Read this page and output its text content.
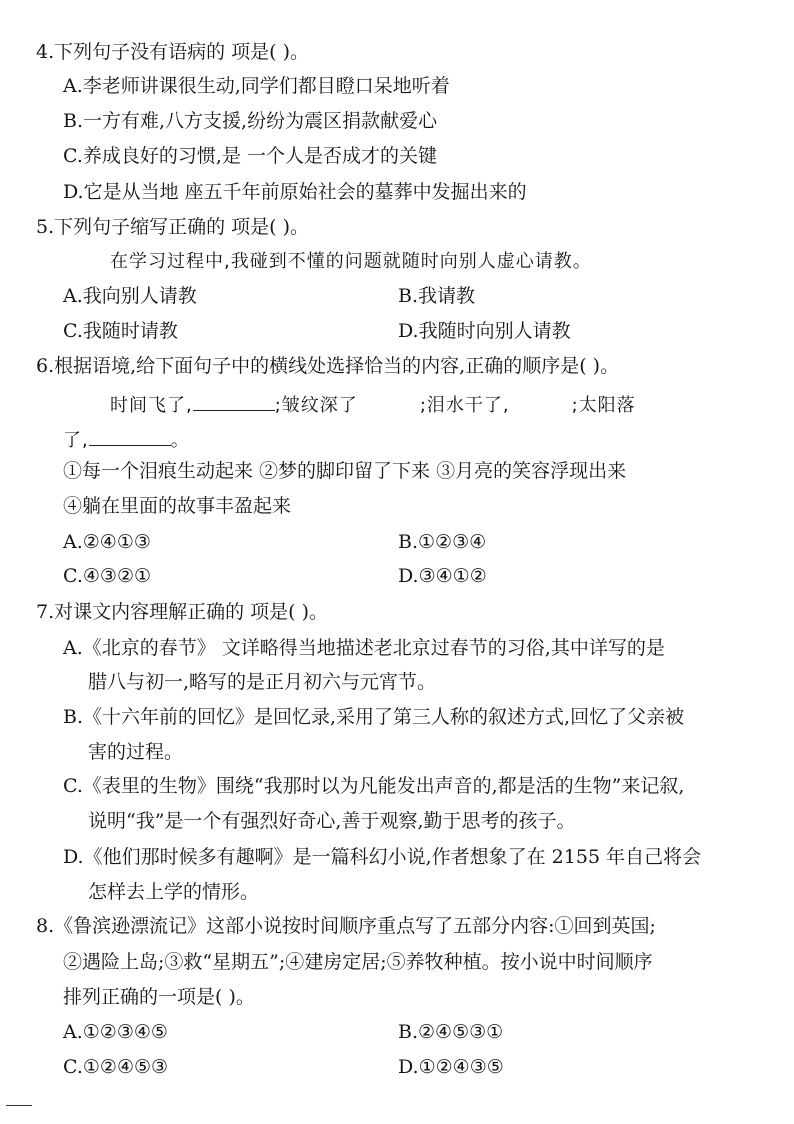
4.下列句子没有语病的 项是( )。
A.李老师讲课很生动,同学们都目瞪口呆地听着
B.一方有难,八方支援,纷纷为震区捐款献爱心
C.养成良好的习惯,是 一个人是否成才的关键
D.它是从当地 座五千年前原始社会的墓葬中发掘出来的
5.下列句子缩写正确的 项是( )。
在学习过程中,我碰到不懂的问题就随时向别人虚心请教。
A.我向别人请教	B.我请教
C.我随时请教	D.我随时向别人请教
6.根据语境,给下面句子中的横线处选择恰当的内容,正确的顺序是( )。
时间飞了,	;皱纹深了	;泪水干了,	;太阳落
了,	。
①每一个泪痕生动起来 ②梦的脚印留了下来 ③月亮的笑容浮现出来
④躺在里面的故事丰盈起来
A.②④①③	B.①②③④
C.④③②①	D.③④①②
7.对课文内容理解正确的 项是( )。
A.《北京的春节》 文详略得当地描述老北京过春节的习俗,其中详写的是
腊八与初一,略写的是正月初六与元宵节。
B.《十六年前的回忆》是回忆录,采用了第三人称的叙述方式,回忆了父亲被
害的过程。
C.《表里的生物》围绕“我那时以为凡能发出声音的,都是活的生物”来记叙,
说明“我”是一个有强烈好奇心,善于观察,勤于思考的孩子。
D.《他们那时候多有趣啊》是一篇科幻小说,作者想象了在 2155 年自己将会
怎样去上学的情形。
8.《鲁滨逊漂流记》这部小说按时间顺序重点写了五部分内容:①回到英国;
②遇险上岛;③救“星期五”;④建房定居;⑤养牧种植。按小说中时间顺序
排列正确的一项是( )。
A.①②③④⑤	B.②④⑤③①
C.①②④⑤③	D.①②④③⑤
